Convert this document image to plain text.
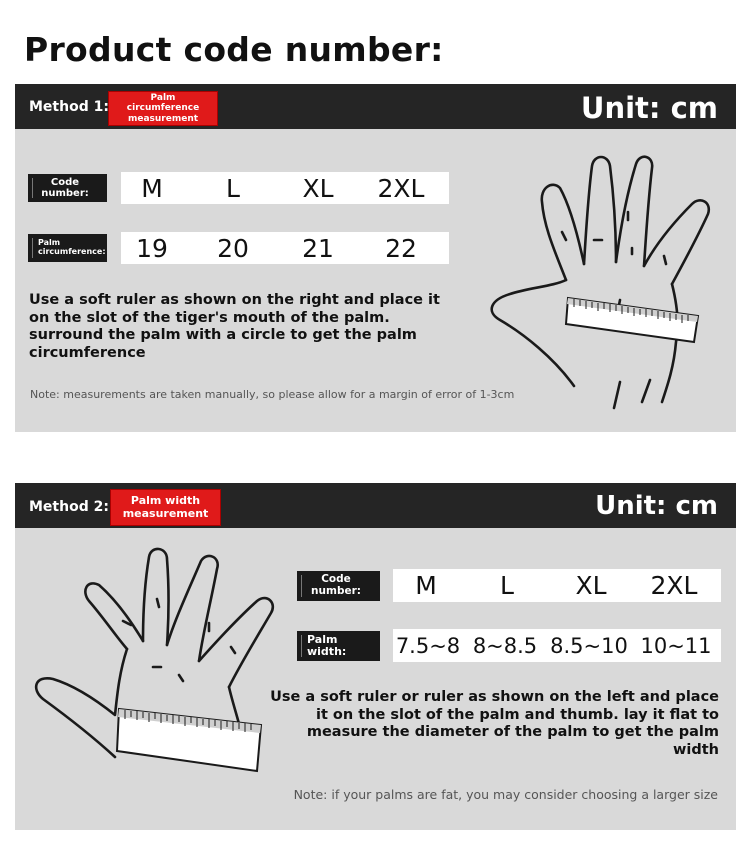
Product code number:
Method 1:
Palm circumference measurement	Unit: cm
Code number:	M	L	XL	2XL
Palm circumference:	19	20	21	22
Use a soft ruler as shown on the right and place it on the slot of the tiger's mouth of the palm. surround the palm with a circle to get the palm circumference
Note: measurements are taken manually, so please allow for a margin of error of 1-3cm
Method 2:	Palm width measurement	Unit: cm
Code number:	M	L	XL	2XL
Palm width: 7.5~8 8~8.5 8.5~10 10~11
Use a soft ruler or ruler as shown on the left and place it on the slot of the palm and thumb. lay it flat to measure the diameter of the palm to get the palm width
Note: if your palms are fat, you may consider choosing a larger size
